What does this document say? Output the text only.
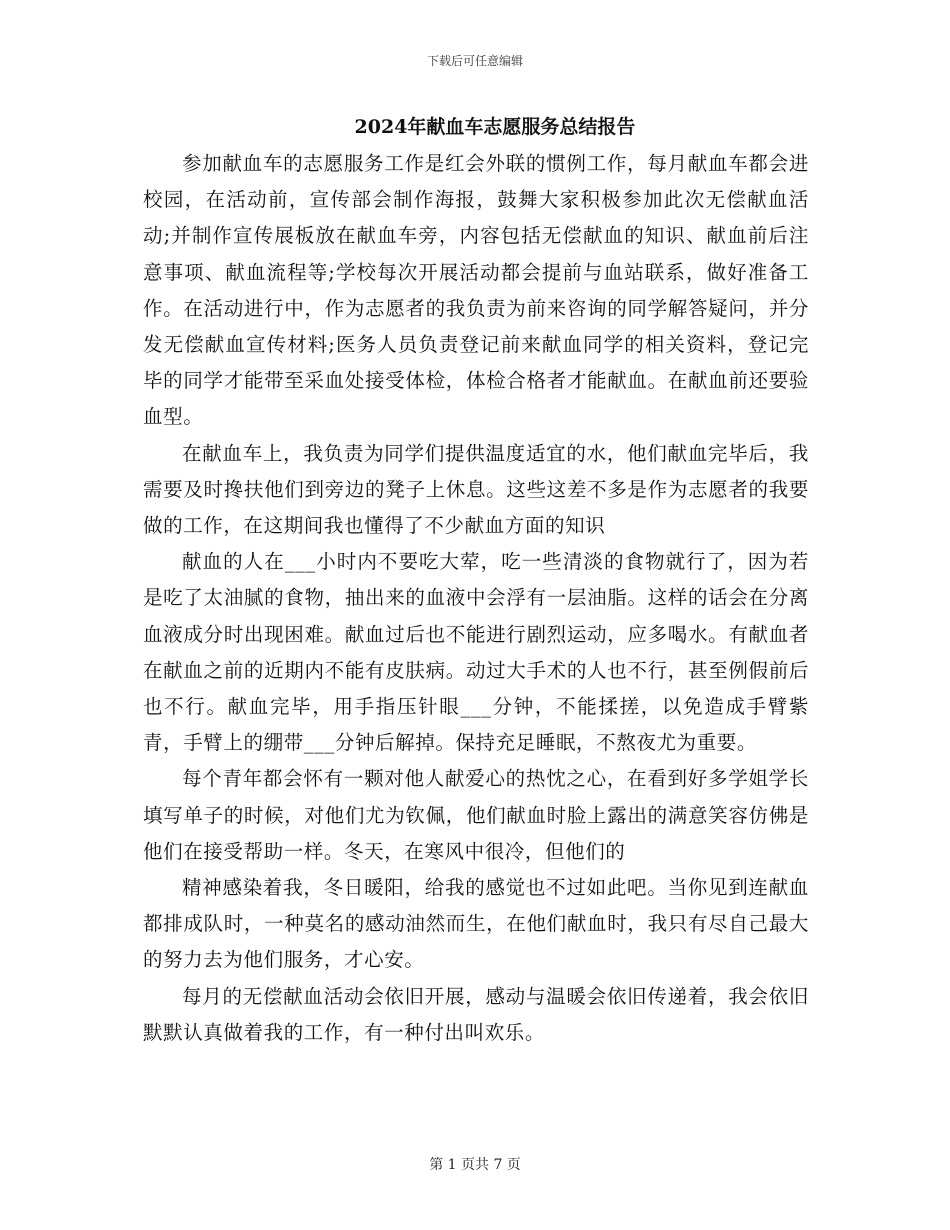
下载后可任意编辑
2024年献血车志愿服务总结报告

参加献血车的志愿服务工作是红会外联的惯例工作，每月献血车都会进校园，在活动前，宣传部会制作海报，鼓舞大家积极参加此次无偿献血活动;并制作宣传展板放在献血车旁，内容包括无偿献血的知识、献血前后注意事项、献血流程等;学校每次开展活动都会提前与血站联系，做好准备工作。在活动进行中，作为志愿者的我负责为前来咨询的同学解答疑问，并分发无偿献血宣传材料;医务人员负责登记前来献血同学的相关资料，登记完毕的同学才能带至采血处接受体检，体检合格者才能献血。在献血前还要验血型。

在献血车上，我负责为同学们提供温度适宜的水，他们献血完毕后，我需要及时搀扶他们到旁边的凳子上休息。这些这差不多是作为志愿者的我要做的工作，在这期间我也懂得了不少献血方面的知识

献血的人在___小时内不要吃大荤，吃一些清淡的食物就行了，因为若是吃了太油腻的食物，抽出来的血液中会浮有一层油脂。这样的话会在分离血液成分时出现困难。献血过后也不能进行剧烈运动，应多喝水。有献血者在献血之前的近期内不能有皮肤病。动过大手术的人也不行，甚至例假前后也不行。献血完毕，用手指压针眼___分钟，不能揉搓，以免造成手臂紫青，手臂上的绷带___分钟后解掉。保持充足睡眠，不熬夜尤为重要。

每个青年都会怀有一颗对他人献爱心的热忱之心，在看到好多学姐学长填写单子的时候，对他们尤为钦佩，他们献血时脸上露出的满意笑容仿佛是他们在接受帮助一样。冬天，在寒风中很冷，但他们的

精神感染着我，冬日暖阳，给我的感觉也不过如此吧。当你见到连献血都排成队时，一种莫名的感动油然而生，在他们献血时，我只有尽自己最大的努力去为他们服务，才心安。

每月的无偿献血活动会依旧开展，感动与温暖会依旧传递着，我会依旧默默认真做着我的工作，有一种付出叫欢乐。

第 1 页共 7 页
